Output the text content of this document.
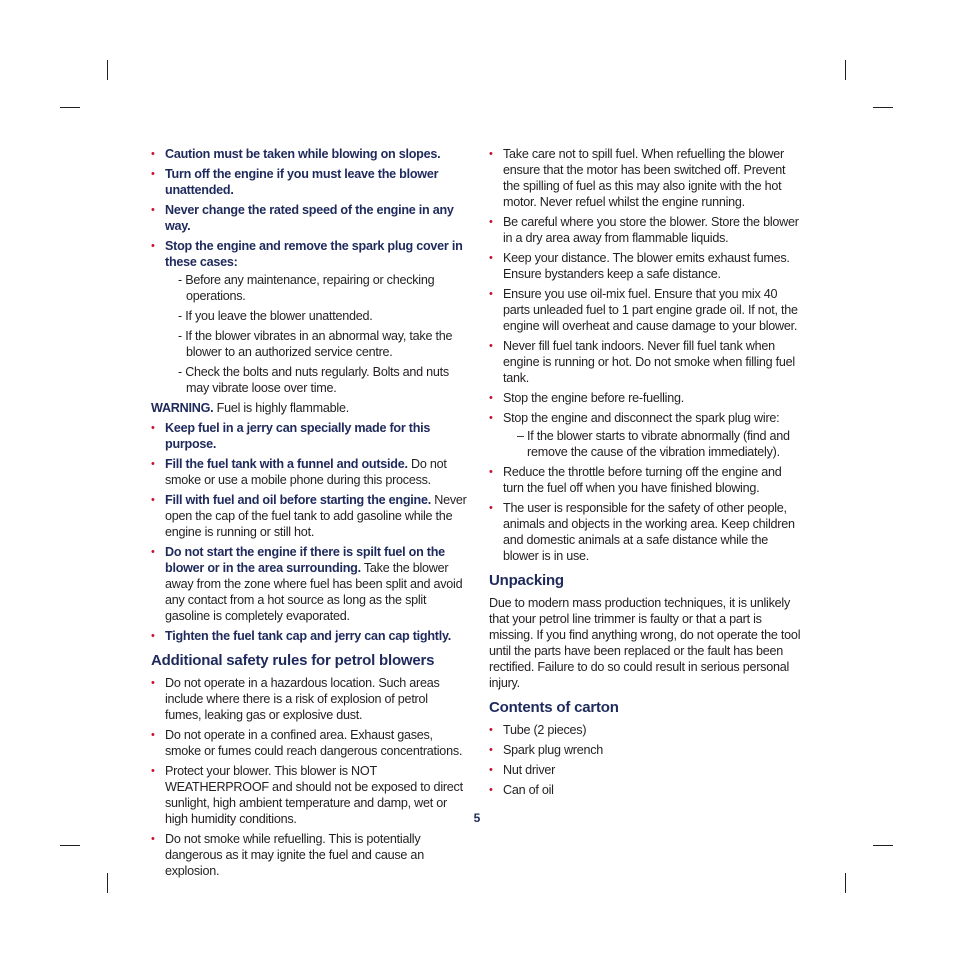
• Caution must be taken while blowing on slopes.
• Turn off the engine if you must leave the blower unattended.
• Never change the rated speed of the engine in any way.
• Stop the engine and remove the spark plug cover in these cases:
- Before any maintenance, repairing or checking operations.
- If you leave the blower unattended.
- If the blower vibrates in an abnormal way, take the blower to an authorized service centre.
- Check the bolts and nuts regularly. Bolts and nuts may vibrate loose over time.

WARNING. Fuel is highly flammable.

• Keep fuel in a jerry can specially made for this purpose.
• Fill the fuel tank with a funnel and outside. Do not smoke or use a mobile phone during this process.
• Fill with fuel and oil before starting the engine. Never open the cap of the fuel tank to add gasoline while the engine is running or still hot.
• Do not start the engine if there is spilt fuel on the blower or in the area surrounding. Take the blower away from the zone where fuel has been split and avoid any contact from a hot source as long as the split gasoline is completely evaporated.
• Tighten the fuel tank cap and jerry can cap tightly.
Additional safety rules for petrol blowers
• Do not operate in a hazardous location. Such areas include where there is a risk of explosion of petrol fumes, leaking gas or explosive dust.
• Do not operate in a confined area. Exhaust gases, smoke or fumes could reach dangerous concentrations.
• Protect your blower. This blower is NOT WEATHERPROOF and should not be exposed to direct sunlight, high ambient temperature and damp, wet or high humidity conditions.
• Do not smoke while refuelling. This is potentially dangerous as it may ignite the fuel and cause an explosion.
• Take care not to spill fuel. When refuelling the blower ensure that the motor has been switched off. Prevent the spilling of fuel as this may also ignite with the hot motor. Never refuel whilst the engine running.
• Be careful where you store the blower. Store the blower in a dry area away from flammable liquids.
• Keep your distance. The blower emits exhaust fumes. Ensure bystanders keep a safe distance.
• Ensure you use oil-mix fuel. Ensure that you mix 40 parts unleaded fuel to 1 part engine grade oil. If not, the engine will overheat and cause damage to your blower.
• Never fill fuel tank indoors. Never fill fuel tank when engine is running or hot. Do not smoke when filling fuel tank.
• Stop the engine before re-fuelling.
• Stop the engine and disconnect the spark plug wire:
– If the blower starts to vibrate abnormally (find and remove the cause of the vibration immediately).
• Reduce the throttle before turning off the engine and turn the fuel off when you have finished blowing.
• The user is responsible for the safety of other people, animals and objects in the working area. Keep children and domestic animals at a safe distance while the blower is in use.
Unpacking

Due to modern mass production techniques, it is unlikely that your petrol line trimmer is faulty or that a part is missing. If you find anything wrong, do not operate the tool until the parts have been replaced or the fault has been rectified. Failure to do so could result in serious personal injury.

Contents of carton
• Tube (2 pieces)
• Spark plug wrench
• Nut driver
• Can of oil
5
